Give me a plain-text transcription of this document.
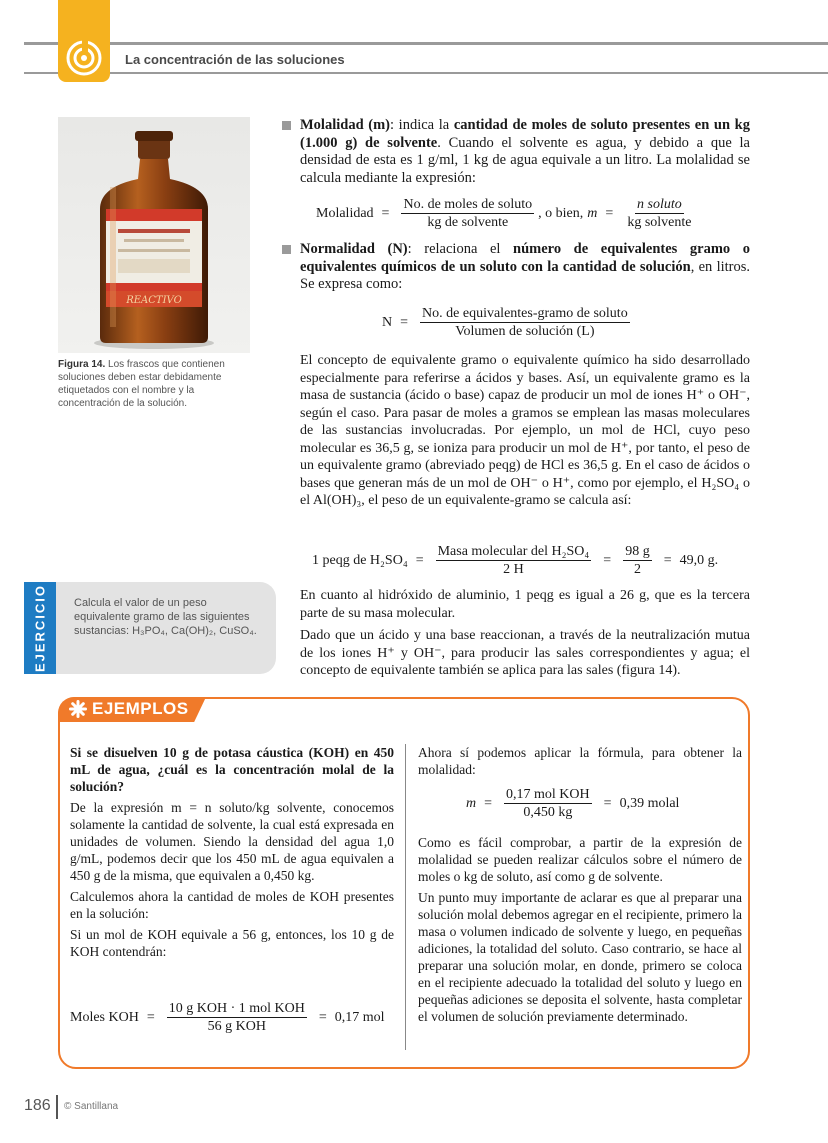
La concentración de las soluciones
REACTIVO
Figura 14. Los frascos que contienen soluciones deben estar debidamente etiquetados con el nombre y la concentración de la solución.
Molalidad (m): indica la cantidad de moles de soluto presentes en un kg (1.000 g) de solvente. Cuando el solvente es agua, y debido a que la densidad de esta es 1 g/ml, 1 kg de agua equivale a un litro. La molalidad se calcula mediante la expresión:
Molalidad = $\frac{\text{No. de moles de soluto}}{\text{kg de solvente}}$ , o bien, $m = \frac{\text{n soluto}}{\text{kg solvente}}$
Normalidad (N): relaciona el número de equivalentes gramo o equivalentes químicos de un soluto con la cantidad de solución, en litros. Se expresa como:
$N = \frac{\text{No. de equivalentes-gramo de soluto}}{\text{Volumen de solución (L)}}$
El concepto de equivalente gramo o equivalente químico ha sido desarrollado especialmente para referirse a ácidos y bases. Así, un equivalente gramo es la masa de sustancia (ácido o base) capaz de producir un mol de iones H⁺ o OH⁻, según el caso. Para pasar de moles a gramos se emplean las masas moleculares de las sustancias involucradas. Por ejemplo, un mol de HCl, cuyo peso molecular es 36,5 g, se ioniza para producir un mol de H⁺, por tanto, el peso de un equivalente gramo (abreviado peqg) de HCl es 36,5 g. En el caso de ácidos o bases que generan más de un mol de OH⁻ o H⁺, como por ejemplo, el H₂SO₄ o el Al(OH)₃, el peso de un equivalente-gramo se calcula así:
1 peqg de $H_2SO_4 = \frac{\text{Masa molecular del H₂SO₄}}{2 H} = \frac{98 g}{2} = 49,0$ g.
En cuanto al hidróxido de aluminio, 1 peqg es igual a 26 g, que es la tercera parte de su masa molecular.
Dado que un ácido y una base reaccionan, a través de la neutralización mutua de los iones H⁺ y OH⁻, para producir las sales correspondientes y agua; el concepto de equivalente también se aplica para las sales (figura 14).
EJERCICIO Calcula el valor de un peso equivalente gramo de las siguientes sustancias: H₃PO₄, Ca(OH)₂, CuSO₄.
EJEMPLOS

Si se disuelven 10 g de potasa cáustica (KOH) en 450 mL de agua, ¿cuál es la concentración molal de la solución?

De la expresión m = n soluto/kg solvente, conocemos solamente la cantidad de solvente, la cual está expresada en unidades de volumen. Siendo la densidad del agua 1,0 g/mL, podemos decir que los 450 mL de agua equivalen a 450 g de la misma, que equivalen a 0,450 kg.

Calculemos ahora la cantidad de moles de KOH presentes en la solución:

Si un mol de KOH equivale a 56 g, entonces, los 10 g de KOH contendrán:

Moles KOH = $\frac{\text{10 g KOH · 1 mol KOH}}{\text{56 g KOH}} = 0,17$ mol

Ahora sí podemos aplicar la fórmula, para obtener la molalidad:

$m = \frac{\text{0,17 mol KOH}}{0,450 kg} = 0,39$ molal

Como es fácil comprobar, a partir de la expresión de molalidad se pueden realizar cálculos sobre el número de moles o kg de soluto, así como g de solvente.

Un punto muy importante de aclarar es que al preparar una solución molal debemos agregar en el recipiente, primero la masa o volumen indicado de solvente y luego, en pequeñas adiciones, la totalidad del soluto. Caso contrario, se hace al preparar una solución molar, en donde, primero se coloca en el recipiente adecuado la totalidad del soluto y luego en pequeñas adiciones se deposita el solvente, hasta completar el volumen de solución previamente determinado.

186 © Santillana
